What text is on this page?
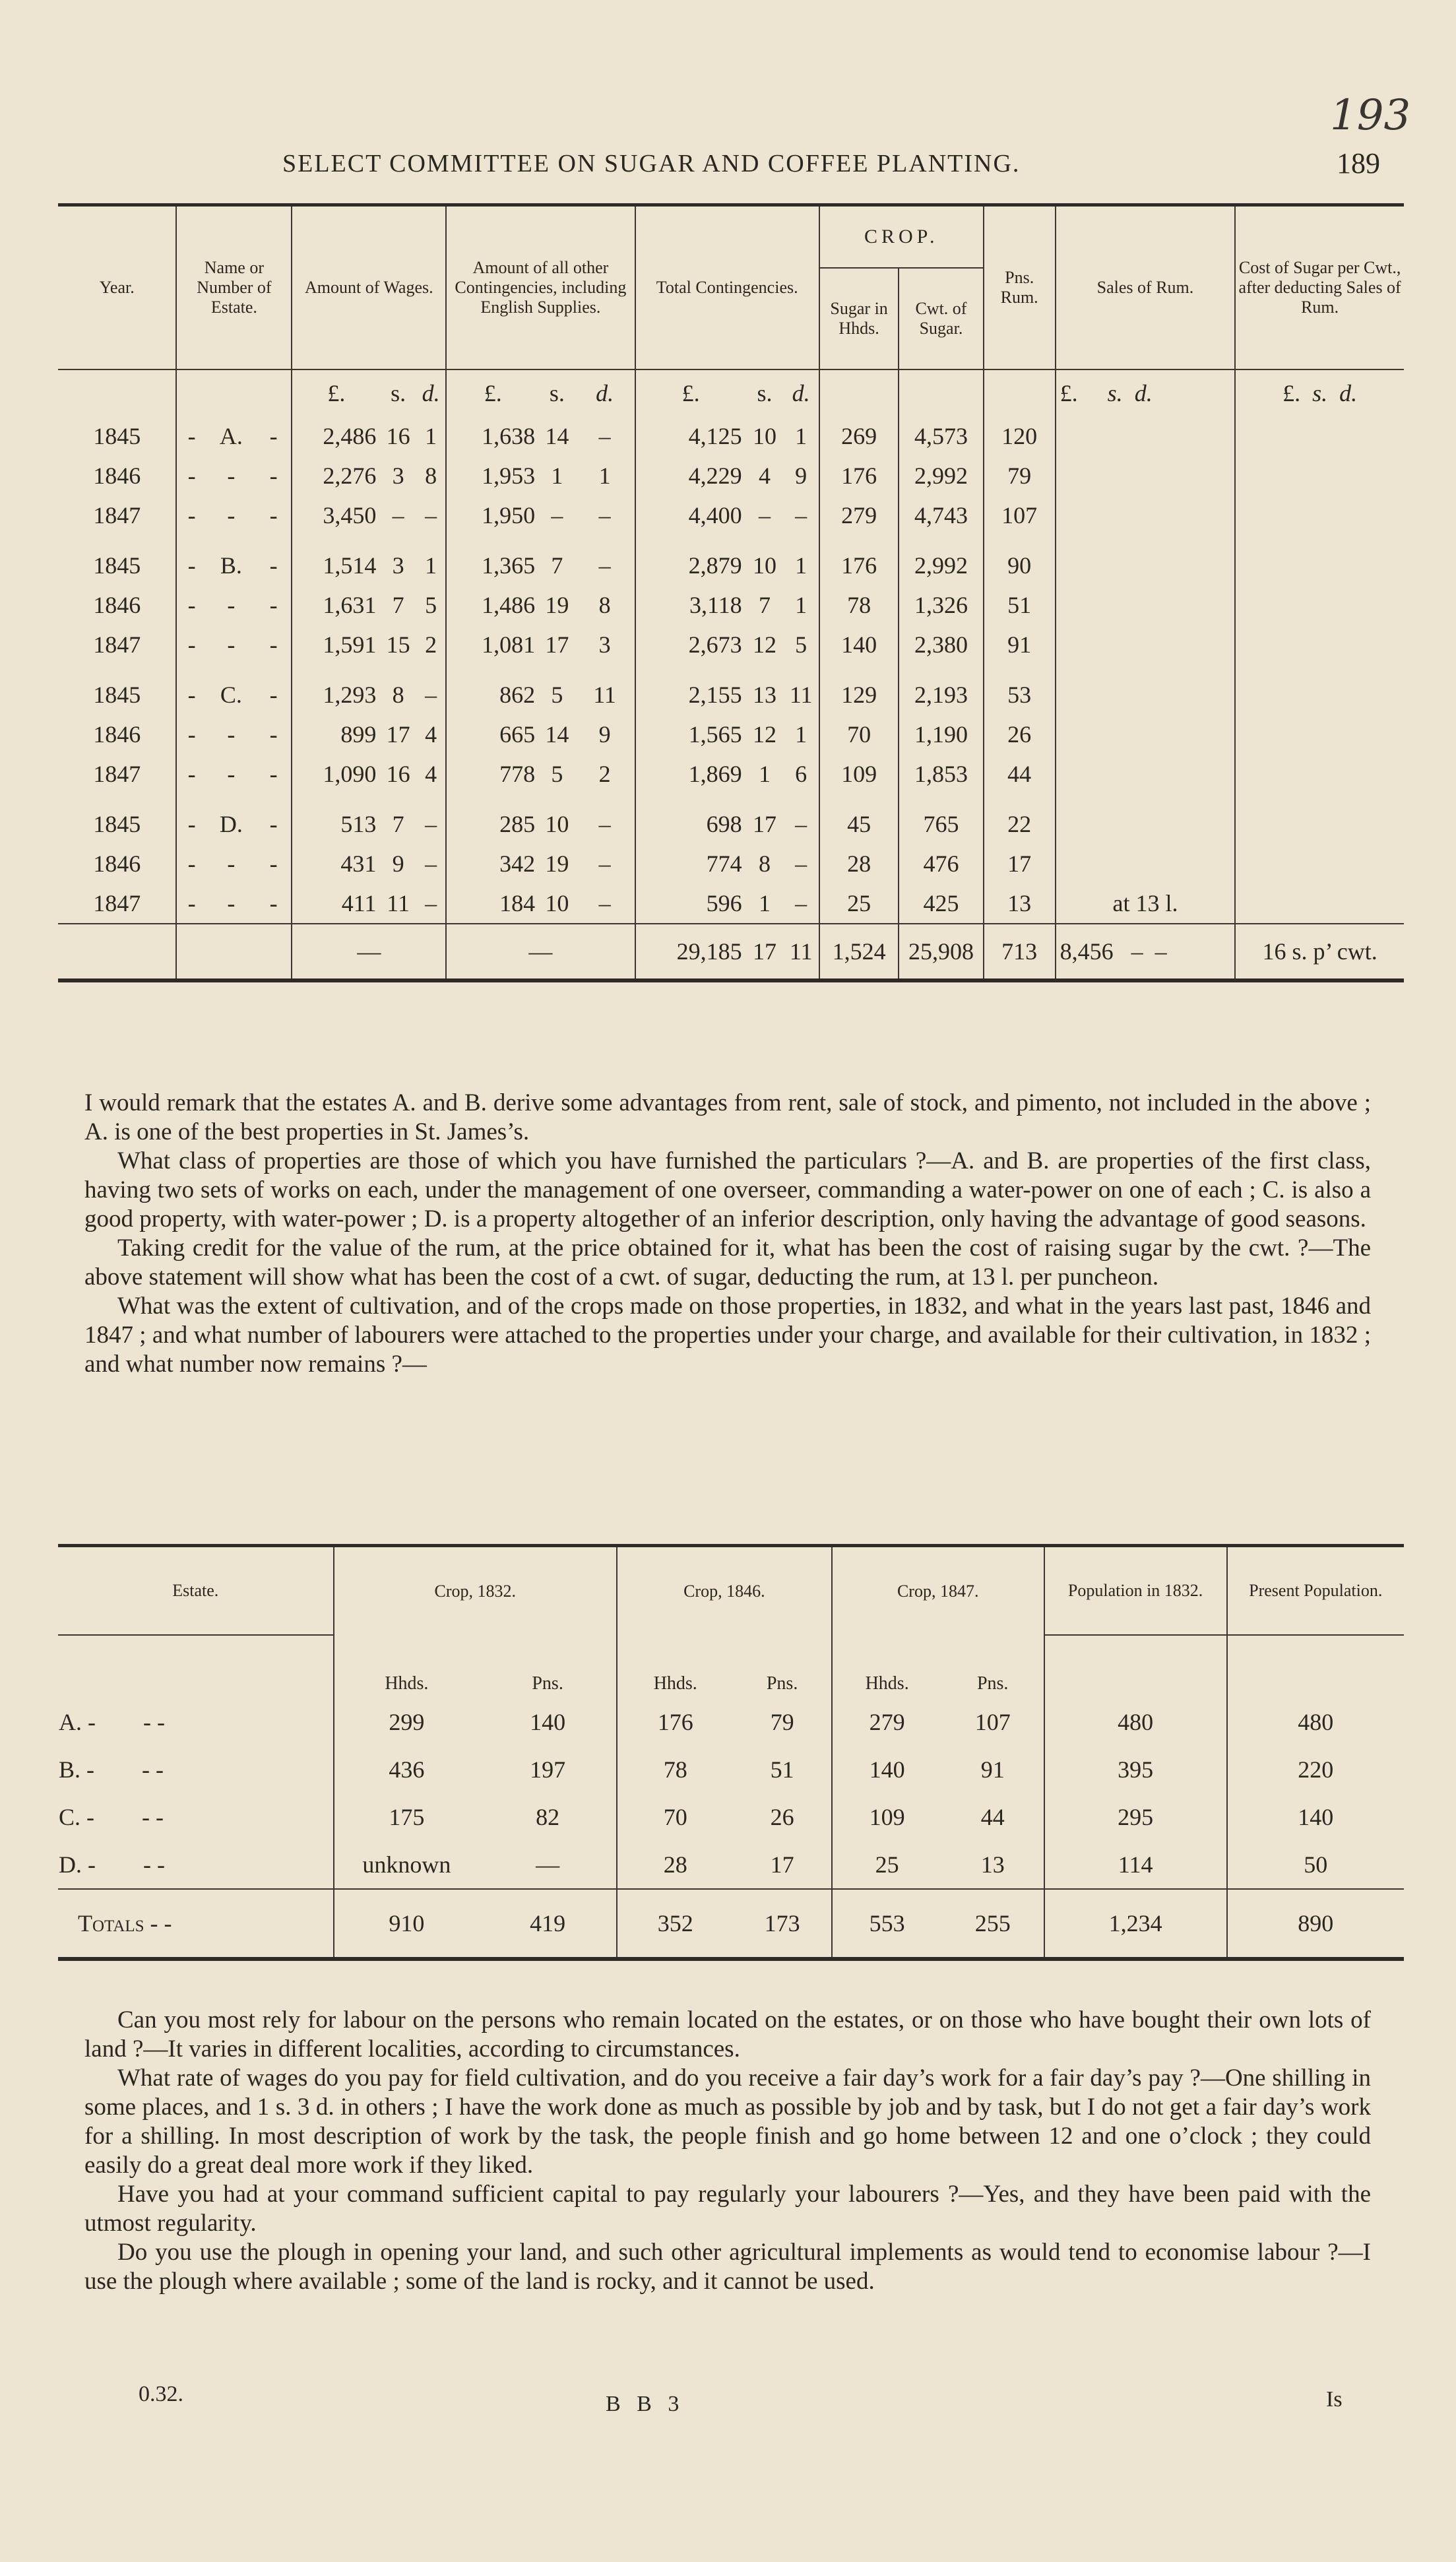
193
SELECT COMMITTEE ON SUGAR AND COFFEE PLANTING.	189
Year.	Name or Number of Estate.			Amount of Wages.			Amount of all other Contingencies, including English Supplies.			Total Contingencies.			CROP.		Pns. Rum.	Sales of Rum.	Cost of Sugar per Cwt., after deducting Sales of Rum.
													Sugar in Hhds.	Cwt. of Sugar.			
				£.	s.	d.	£.	s.	d.	£.	s.	d.				£. s. d.	£. s. d.
1845	-	A.	-	2,486	16	1	1,638	14	–	4,125	10	1	269	4,573	120		
1846	-	-	-	2,276	3	8	1,953	1	1	4,229	4	9	176	2,992	79		
1847	-	-	-	3,450	–	–	1,950	–	–	4,400	–	–	279	4,743	107		

1845	-	B.	-	1,514	3	1	1,365	7	–	2,879	10	1	176	2,992	90		
1846	-	-	-	1,631	7	5	1,486	19	8	3,118	7	1	78	1,326	51		
1847	-	-	-	1,591	15	2	1,081	17	3	2,673	12	5	140	2,380	91		

1845	-	C.	-	1,293	8	–	862	5	11	2,155	13	11	129	2,193	53		
1846	-	-	-	899	17	4	665	14	9	1,565	12	1	70	1,190	26		
1847	-	-	-	1,090	16	4	778	5	2	1,869	1	6	109	1,853	44		

1845	-	D.	-	513	7	–	285	10	–	698	17	–	45	765	22		
1846	-	-	-	431	9	–	342	19	–	774	8	–	28	476	17		
1847	-	-	-	411	11	–	184	10	–	596	1	–	25	425	13	at 13 l.	
				—			—			29,185	17	11	1,524	25,908	713	8,456 – –	16 s. p’ cwt.

I would remark that the estates A. and B. derive some advantages from rent, sale of stock, and pimento, not included in the above ; A. is one of the best properties in St. James’s.

What class of properties are those of which you have furnished the particulars ?—A. and B. are properties of the first class, having two sets of works on each, under the management of one overseer, commanding a water-power on one of each ; C. is also a good property, with water-power ; D. is a property altogether of an inferior description, only having the advantage of good seasons.

Taking credit for the value of the rum, at the price obtained for it, what has been the cost of raising sugar by the cwt. ?—The above statement will show what has been the cost of a cwt. of sugar, deducting the rum, at 13 l. per puncheon.

What was the extent of cultivation, and of the crops made on those properties, in 1832, and what in the years last past, 1846 and 1847 ; and what number of labourers were attached to the properties under your charge, and available for their cultivation, in 1832 ; and what number now remains ?—

Estate.	Crop, 1832.		Crop, 1846.		Crop, 1847.		Population in 1832.	Present Population.
	Hhds.	Pns.	Hhds.	Pns.	Hhds.	Pns.		
A. - - -	299	140	176	79	279	107	480	480
B. - - -	436	197	78	51	140	91	395	220
C. - - -	175	82	70	26	109	44	295	140
D. - - -	unknown	—	28	17	25	13	114	50
Totals - -	910	419	352	173	553	255	1,234	890

Can you most rely for labour on the persons who remain located on the estates, or on those who have bought their own lots of land ?—It varies in different localities, according to circumstances.

What rate of wages do you pay for field cultivation, and do you receive a fair day’s work for a fair day’s pay ?—One shilling in some places, and 1 s. 3 d. in others ; I have the work done as much as possible by job and by task, but I do not get a fair day’s work for a shilling. In most description of work by the task, the people finish and go home between 12 and one o’clock ; they could easily do a great deal more work if they liked.

Have you had at your command sufficient capital to pay regularly your labourers ?—Yes, and they have been paid with the utmost regularity.

Do you use the plough in opening your land, and such other agricultural implements as would tend to economise labour ?—I use the plough where available ; some of the land is rocky, and it cannot be used.

0.32.	B B 3	Is
